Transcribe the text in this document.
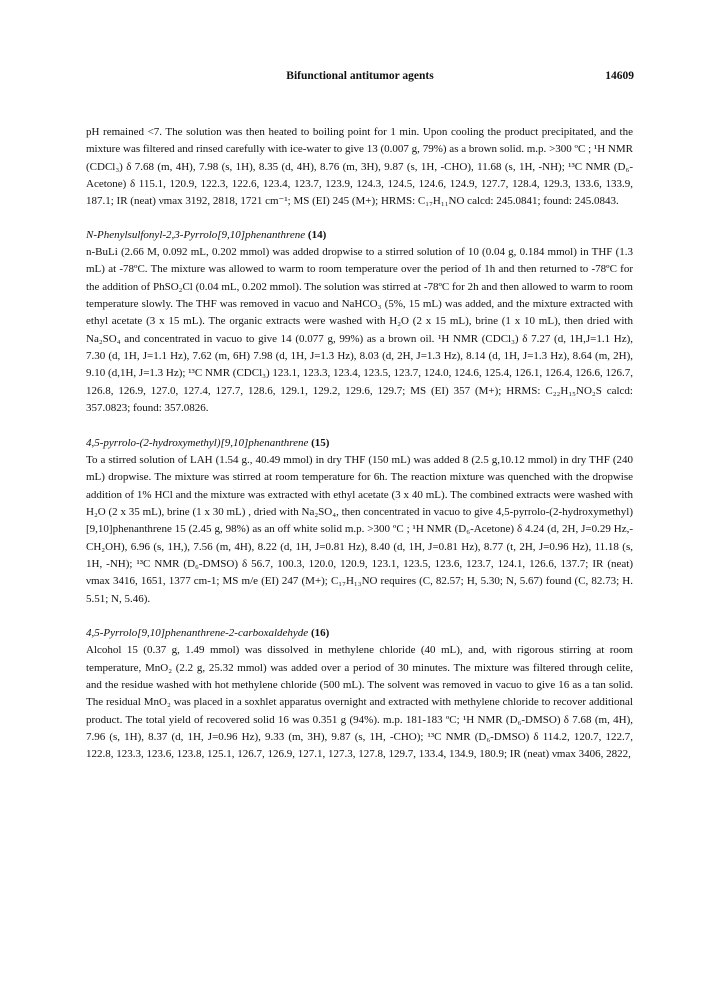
Bifunctional antitumor agents	14609

pH remained <7. The solution was then heated to boiling point for 1 min. Upon cooling the product precipitated, and the mixture was filtered and rinsed carefully with ice-water to give 13 (0.007 g, 79%) as a brown solid. m.p. >300 ºC ; ¹H NMR (CDCl₃) δ 7.68 (m, 4H), 7.98 (s, 1H), 8.35 (d, 4H), 8.76 (m, 3H), 9.87 (s, 1H, -CHO), 11.68 (s, 1H, -NH); ¹³C NMR (D₆-Acetone) δ 115.1, 120.9, 122.3, 122.6, 123.4, 123.7, 123.9, 124.3, 124.5, 124.6, 124.9, 127.7, 128.4, 129.3, 133.6, 133.9, 187.1; IR (neat) νmax 3192, 2818, 1721 cm⁻¹; MS (EI) 245 (M+); HRMS: C₁₇H₁₁NO calcd: 245.0841; found: 245.0843.

N-Phenylsulfonyl-2,3-Pyrrolo[9,10]phenanthrene (14)

n-BuLi (2.66 M, 0.092 mL, 0.202 mmol) was added dropwise to a stirred solution of 10 (0.04 g, 0.184 mmol) in THF (1.3 mL) at -78ºC. The mixture was allowed to warm to room temperature over the period of 1h and then returned to -78ºC for the addition of PhSO₂Cl (0.04 mL, 0.202 mmol). The solution was stirred at -78ºC for 2h and then allowed to warm to room temperature slowly. The THF was removed in vacuo and NaHCO₃ (5%, 15 mL) was added, and the mixture extracted with ethyl acetate (3 x 15 mL). The organic extracts were washed with H₂O (2 x 15 mL), brine (1 x 10 mL), then dried with Na₂SO₄ and concentrated in vacuo to give 14 (0.077 g, 99%) as a brown oil. ¹H NMR (CDCl₃) δ 7.27 (d, 1H,J=1.1 Hz), 7.30 (d, 1H, J=1.1 Hz), 7.62 (m, 6H) 7.98 (d, 1H, J=1.3 Hz), 8.03 (d, 2H, J=1.3 Hz), 8.14 (d, 1H, J=1.3 Hz), 8.64 (m, 2H), 9.10 (d,1H, J=1.3 Hz); ¹³C NMR (CDCl₃) 123.1, 123.3, 123.4, 123.5, 123.7, 124.0, 124.6, 125.4, 126.1, 126.4, 126.6, 126.7, 126.8, 126.9, 127.0, 127.4, 127.7, 128.6, 129.1, 129.2, 129.6, 129.7; MS (EI) 357 (M+); HRMS: C₂₂H₁₅NO₂S calcd: 357.0823; found: 357.0826.

4,5-pyrrolo-(2-hydroxymethyl)[9,10]phenanthrene (15)

To a stirred solution of LAH (1.54 g., 40.49 mmol) in dry THF (150 mL) was added 8 (2.5 g,10.12 mmol) in dry THF (240 mL) dropwise. The mixture was stirred at room temperature for 6h. The reaction mixture was quenched with the dropwise addition of 1% HCl and the mixture was extracted with ethyl acetate (3 x 40 mL). The combined extracts were washed with H₂O (2 x 35 mL), brine (1 x 30 mL) , dried with Na₂SO₄, then concentrated in vacuo to give 4,5-pyrrolo-(2-hydroxymethyl)[9,10]phenanthrene 15 (2.45 g, 98%) as an off white solid m.p. >300 ºC ; ¹H NMR (D₆-Acetone) δ 4.24 (d, 2H, J=0.29 Hz,-CH₂OH), 6.96 (s, 1H,), 7.56 (m, 4H), 8.22 (d, 1H, J=0.81 Hz), 8.40 (d, 1H, J=0.81 Hz), 8.77 (t, 2H, J=0.96 Hz), 11.18 (s, 1H, -NH); ¹³C NMR (D₆-DMSO) δ 56.7, 100.3, 120.0, 120.9, 123.1, 123.5, 123.6, 123.7, 124.1, 126.6, 137.7; IR (neat) νmax 3416, 1651, 1377 cm-1; MS m/e (EI) 247 (M+); C₁₇H₁₃NO requires (C, 82.57; H, 5.30; N, 5.67) found (C, 82.73; H. 5.51; N, 5.46).

4,5-Pyrrolo[9,10]phenanthrene-2-carboxaldehyde (16)

Alcohol 15 (0.37 g, 1.49 mmol) was dissolved in methylene chloride (40 mL), and, with rigorous stirring at room temperature, MnO₂ (2.2 g, 25.32 mmol) was added over a period of 30 minutes. The mixture was filtered through celite, and the residue washed with hot methylene chloride (500 mL). The solvent was removed in vacuo to give 16 as a tan solid. The residual MnO₂ was placed in a soxhlet apparatus overnight and extracted with methylene chloride to recover additional product. The total yield of recovered solid 16 was 0.351 g (94%). m.p. 181-183 ºC; ¹H NMR (D₆-DMSO) δ 7.68 (m, 4H), 7.96 (s, 1H), 8.37 (d, 1H, J=0.96 Hz), 9.33 (m, 3H), 9.87 (s, 1H, -CHO); ¹³C NMR (D₆-DMSO) δ 114.2, 120.7, 122.7, 122.8, 123.3, 123.6, 123.8, 125.1, 126.7, 126.9, 127.1, 127.3, 127.8, 129.7, 133.4, 134.9, 180.9; IR (neat) νmax 3406, 2822,
